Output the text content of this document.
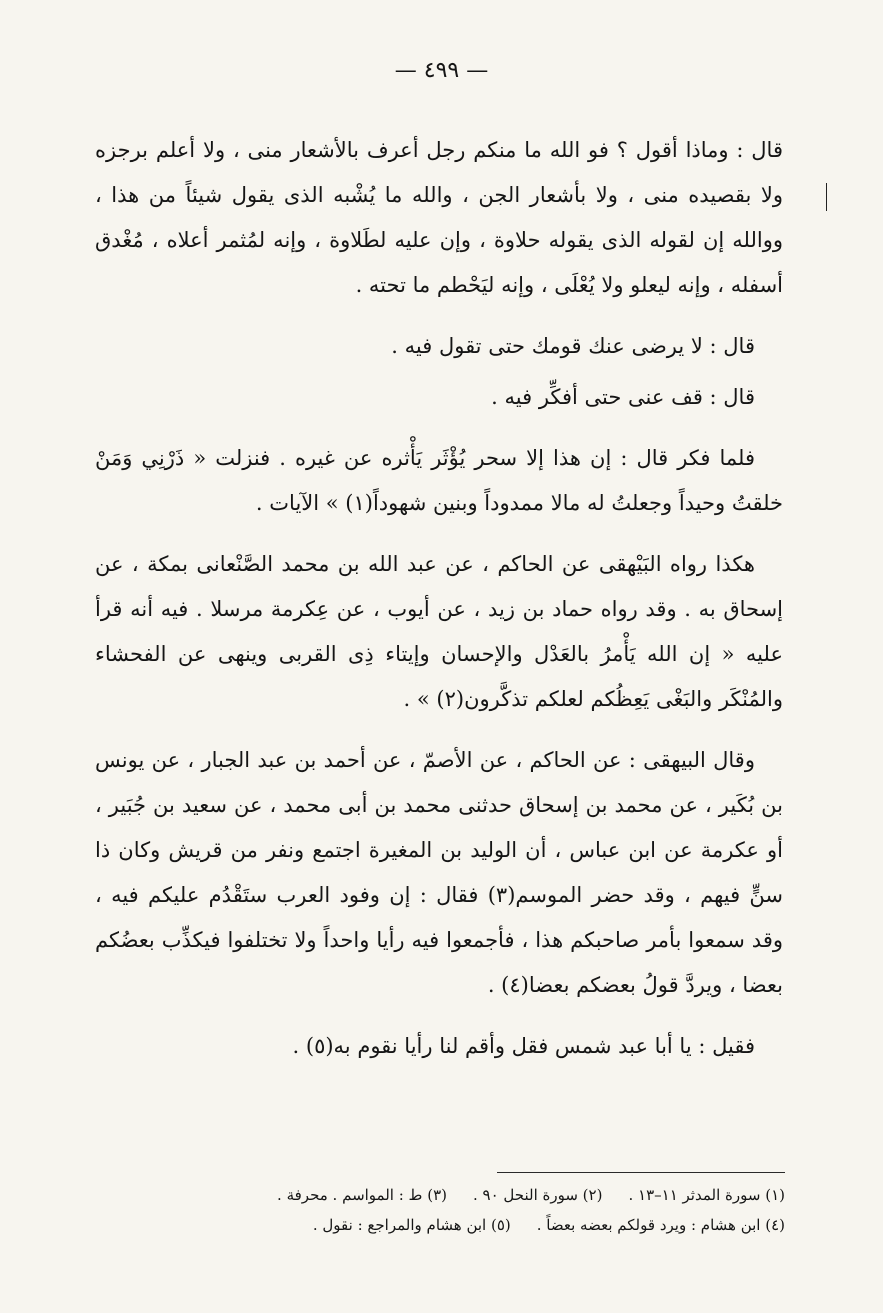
— ٤٩٩ —

قال : وماذا أقول ؟ فو الله ما منكم رجل أعرف بالأشعار منى ، ولا أعلم برجزه ولا بقصيده منى ، ولا بأشعار الجن ، والله ما يُشْبه الذى يقول شيئاً من هذا ، ووالله إن لقوله الذى يقوله حلاوة ، وإن عليه لطَلاوة ، وإنه لمُثمر أعلاه ، مُغْدق أسفله ، وإنه ليعلو ولا يُعْلَى ، وإنه ليَحْطم ما تحته .

قال : لا يرضى عنك قومك حتى تقول فيه .

قال : قف عنى حتى أفكِّر فيه .

فلما فكر قال : إن هذا إلا سحر يُؤْثَر يَأْثره عن غيره . فنزلت « ذَرْنِي وَمَنْ خلقتُ وحيداً وجعلتُ له مالا ممدوداً وبنين شهوداً(١) » الآيات .

هكذا رواه البَيْهقى عن الحاكم ، عن عبد الله بن محمد الصَّنْعانى بمكة ، عن إسحاق به . وقد رواه حماد بن زيد ، عن أيوب ، عن عِكرمة مرسلا . فيه أنه قرأ عليه « إن الله يَأْمرُ بالعَدْل والإحسان وإيتاء ذِى القربى وينهى عن الفحشاء والمُنْكَر والبَغْى يَعِظُكم لعلكم تذكَّرون(٢) » .

وقال البيهقى : عن الحاكم ، عن الأصمّ ، عن أحمد بن عبد الجبار ، عن يونس بن بُكَير ، عن محمد بن إسحاق حدثنى محمد بن أبى محمد ، عن سعيد بن جُبَير ، أو عكرمة عن ابن عباس ، أن الوليد بن المغيرة اجتمع ونفر من قريش وكان ذا سنٍّ فيهم ، وقد حضر الموسم(٣) فقال : إن وفود العرب ستَقْدُم عليكم فيه ، وقد سمعوا بأمر صاحبكم هذا ، فأجمعوا فيه رأيا واحداً ولا تختلفوا فيكذِّب بعضُكم بعضا ، ويردَّ قولُ بعضكم بعضا(٤) .

فقيل : يا أبا عبد شمس فقل وأقم لنا رأيا نقوم به(٥) .

(١) سورة المدثر ١١–١٣ .
(٢) سورة النحل ٩٠ .
(٣) ط : المواسم . محرفة .
(٤) ابن هشام : ويرد قولكم بعضه بعضاً .
(٥) ابن هشام والمراجع : نقول .
